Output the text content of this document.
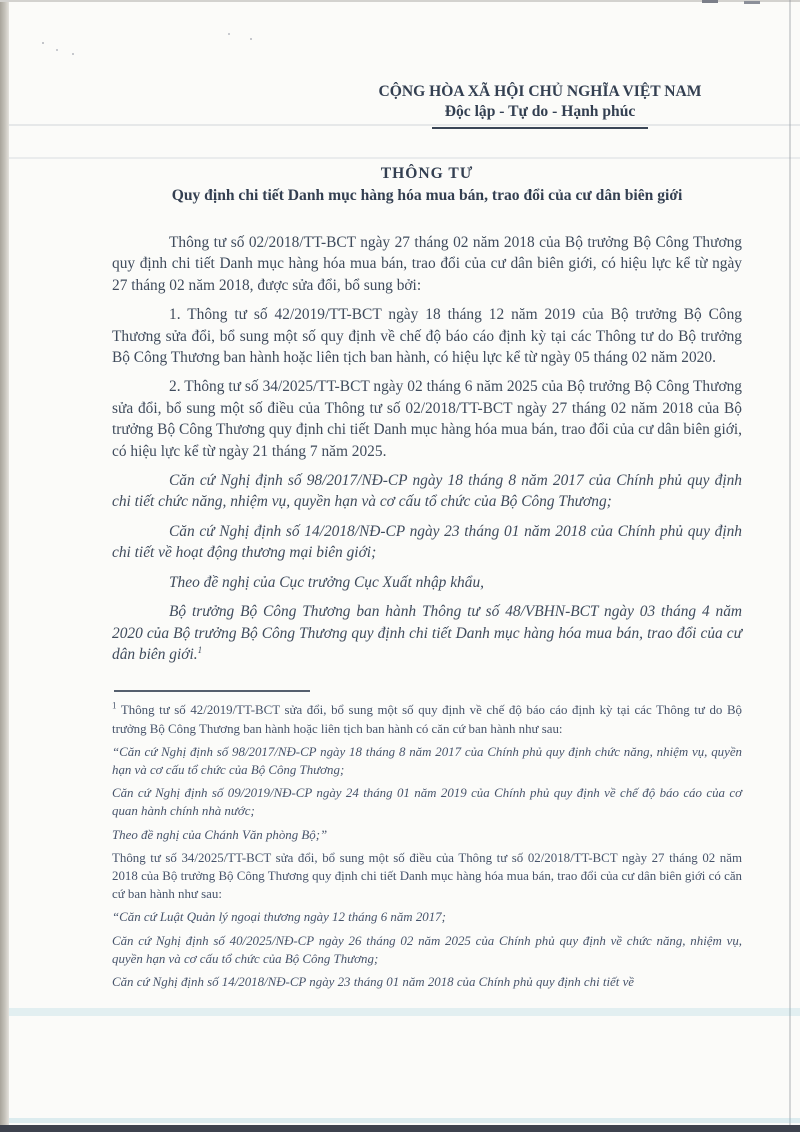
CỘNG HÒA XÃ HỘI CHỦ NGHĨA VIỆT NAM
Độc lập - Tự do - Hạnh phúc
THÔNG TƯ
Quy định chi tiết Danh mục hàng hóa mua bán, trao đổi của cư dân biên giới

Thông tư số 02/2018/TT-BCT ngày 27 tháng 02 năm 2018 của Bộ trưởng Bộ Công Thương quy định chi tiết Danh mục hàng hóa mua bán, trao đổi của cư dân biên giới, có hiệu lực kể từ ngày 27 tháng 02 năm 2018, được sửa đổi, bổ sung bởi:

1. Thông tư số 42/2019/TT-BCT ngày 18 tháng 12 năm 2019 của Bộ trưởng Bộ Công Thương sửa đổi, bổ sung một số quy định về chế độ báo cáo định kỳ tại các Thông tư do Bộ trưởng Bộ Công Thương ban hành hoặc liên tịch ban hành, có hiệu lực kể từ ngày 05 tháng 02 năm 2020.

2. Thông tư số 34/2025/TT-BCT ngày 02 tháng 6 năm 2025 của Bộ trưởng Bộ Công Thương sửa đổi, bổ sung một số điều của Thông tư số 02/2018/TT-BCT ngày 27 tháng 02 năm 2018 của Bộ trưởng Bộ Công Thương quy định chi tiết Danh mục hàng hóa mua bán, trao đổi của cư dân biên giới, có hiệu lực kể từ ngày 21 tháng 7 năm 2025.

Căn cứ Nghị định số 98/2017/NĐ-CP ngày 18 tháng 8 năm 2017 của Chính phủ quy định chi tiết chức năng, nhiệm vụ, quyền hạn và cơ cấu tổ chức của Bộ Công Thương;

Căn cứ Nghị định số 14/2018/NĐ-CP ngày 23 tháng 01 năm 2018 của Chính phủ quy định chi tiết về hoạt động thương mại biên giới;

Theo đề nghị của Cục trưởng Cục Xuất nhập khẩu,

Bộ trưởng Bộ Công Thương ban hành Thông tư số 48/VBHN-BCT ngày 03 tháng 4 năm 2020 của Bộ trưởng Bộ Công Thương quy định chi tiết Danh mục hàng hóa mua bán, trao đổi của cư dân biên giới.$^1$

$^1$ Thông tư số 42/2019/TT-BCT sửa đổi, bổ sung một số quy định về chế độ báo cáo định kỳ tại các Thông tư do Bộ trưởng Bộ Công Thương ban hành hoặc liên tịch ban hành có căn cứ ban hành như sau:

“Căn cứ Nghị định số 98/2017/NĐ-CP ngày 18 tháng 8 năm 2017 của Chính phủ quy định chức năng, nhiệm vụ, quyền hạn và cơ cấu tổ chức của Bộ Công Thương;

Căn cứ Nghị định số 09/2019/NĐ-CP ngày 24 tháng 01 năm 2019 của Chính phủ quy định về chế độ báo cáo của cơ quan hành chính nhà nước;

Theo đề nghị của Chánh Văn phòng Bộ;”

Thông tư số 34/2025/TT-BCT sửa đổi, bổ sung một số điều của Thông tư số 02/2018/TT-BCT ngày 27 tháng 02 năm 2018 của Bộ trưởng Bộ Công Thương quy định chi tiết Danh mục hàng hóa mua bán, trao đổi của cư dân biên giới có căn cứ ban hành như sau:

“Căn cứ Luật Quản lý ngoại thương ngày 12 tháng 6 năm 2017;

Căn cứ Nghị định số 40/2025/NĐ-CP ngày 26 tháng 02 năm 2025 của Chính phủ quy định về chức năng, nhiệm vụ, quyền hạn và cơ cấu tổ chức của Bộ Công Thương;

Căn cứ Nghị định số 14/2018/NĐ-CP ngày 23 tháng 01 năm 2018 của Chính phủ quy định chi tiết về
